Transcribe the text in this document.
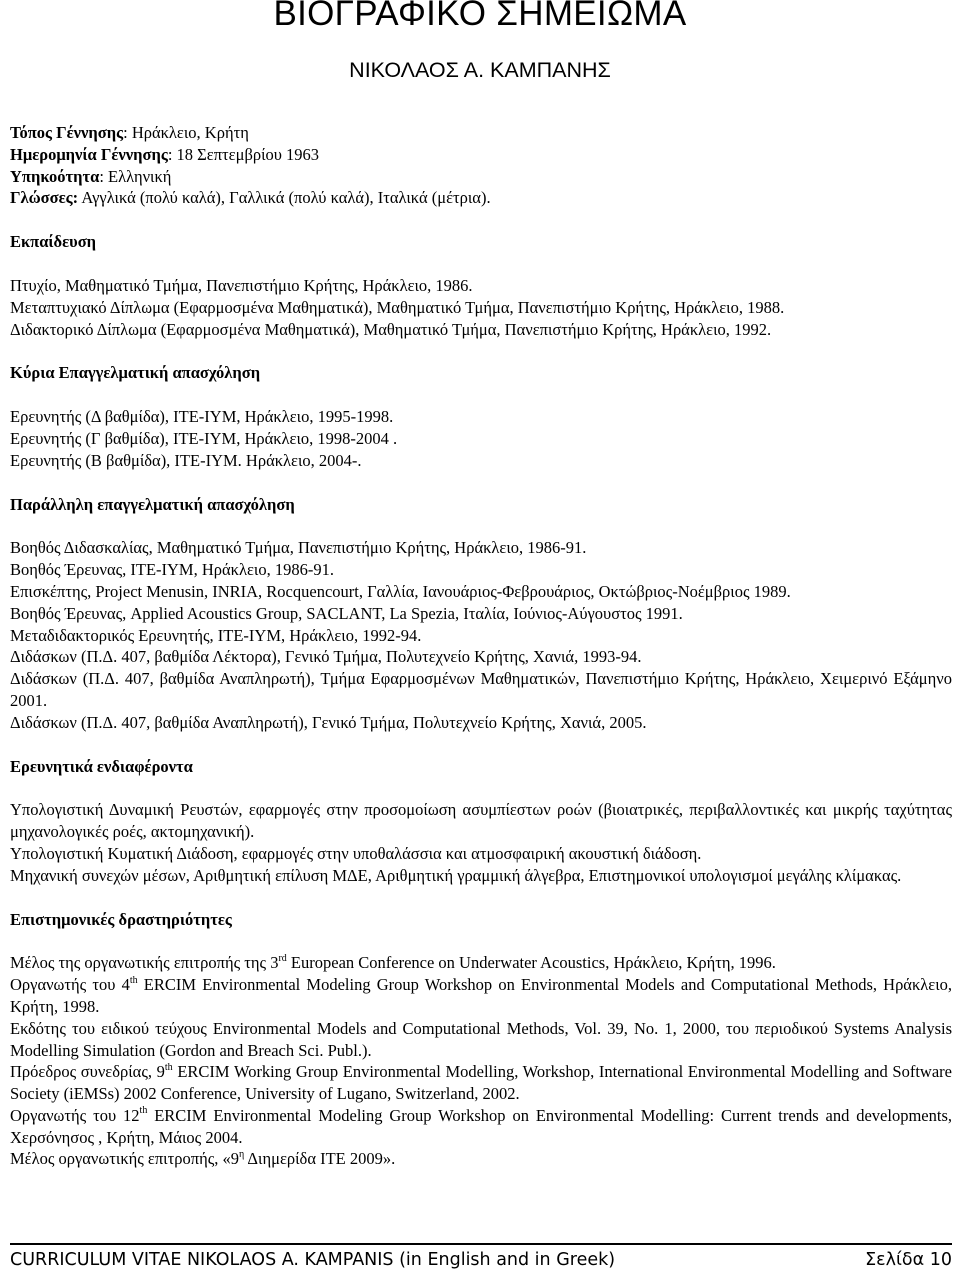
ΒΙΟΓΡΑΦΙΚΟ ΣΗΜΕΙΩΜΑ
ΝΙΚΟΛΑΟΣ Α. ΚΑΜΠΑΝΗΣ
Τόπος Γέννησης: Ηράκλειο, Κρήτη
Ημερομηνία Γέννησης: 18 Σεπτεμβρίου 1963
Υπηκοότητα: Ελληνική
Γλώσσες: Αγγλικά (πολύ καλά), Γαλλικά (πολύ καλά), Ιταλικά (μέτρια).
Εκπαίδευση
Πτυχίο, Μαθηματικό Τμήμα, Πανεπιστήμιο Κρήτης, Ηράκλειο, 1986.
Μεταπτυχιακό Δίπλωμα (Εφαρμοσμένα Μαθηματικά), Μαθηματικό Τμήμα, Πανεπιστήμιο Κρήτης, Ηράκλειο, 1988.
Διδακτορικό Δίπλωμα (Εφαρμοσμένα Μαθηματικά), Μαθηματικό Τμήμα, Πανεπιστήμιο Κρήτης, Ηράκλειο, 1992.
Κύρια Επαγγελματική απασχόληση
Ερευνητής (Δ βαθμίδα), ΙΤΕ-ΙΥΜ, Ηράκλειο, 1995-1998.
Ερευνητής (Γ βαθμίδα), ΙΤΕ-ΙΥΜ, Ηράκλειο, 1998-2004 .
Ερευνητής (Β βαθμίδα), ΙΤΕ-ΙΥΜ. Ηράκλειο, 2004-.
Παράλληλη επαγγελματική απασχόληση
Βοηθός Διδασκαλίας, Μαθηματικό Τμήμα, Πανεπιστήμιο Κρήτης, Ηράκλειο, 1986-91.
Βοηθός Έρευνας, ΙΤΕ-ΙΥΜ, Ηράκλειο, 1986-91.
Επισκέπτης, Project Menusin, INRIA, Rocquencourt, Γαλλία, Ιανουάριος-Φεβρουάριος, Οκτώβριος-Νοέμβριος 1989.
Βοηθός Έρευνας, Applied Acoustics Group, SACLANT, La Spezia, Ιταλία, Ιούνιος-Αύγουστος 1991.
Μεταδιδακτορικός Ερευνητής, ΙΤΕ-ΙΥΜ, Ηράκλειο, 1992-94.
Διδάσκων (Π.Δ. 407, βαθμίδα Λέκτορα), Γενικό Τμήμα, Πολυτεχνείο Κρήτης, Χανιά, 1993-94.
Διδάσκων (Π.Δ. 407, βαθμίδα Αναπληρωτή), Τμήμα Εφαρμοσμένων Μαθηματικών, Πανεπιστήμιο Κρήτης, Ηράκλειο, Χειμερινό Εξάμηνο 2001.
Διδάσκων (Π.Δ. 407, βαθμίδα Αναπληρωτή), Γενικό Τμήμα, Πολυτεχνείο Κρήτης, Χανιά, 2005.
Ερευνητικά ενδιαφέροντα
Υπολογιστική Δυναμική Ρευστών, εφαρμογές στην προσομοίωση ασυμπίεστων ροών (βιοιατρικές, περιβαλλοντικές και μικρής ταχύτητας μηχανολογικές ροές, ακτομηχανική).
Υπολογιστική Κυματική Διάδοση, εφαρμογές στην υποθαλάσσια και ατμοσφαιρική ακουστική διάδοση.
Μηχανική συνεχών μέσων, Αριθμητική επίλυση ΜΔΕ, Αριθμητική γραμμική άλγεβρα, Επιστημονικοί υπολογισμοί μεγάλης κλίμακας.
Επιστημονικές δραστηριότητες
Μέλος της οργανωτικής επιτροπής της 3rd European Conference on Underwater Acoustics, Ηράκλειο, Κρήτη, 1996.
Οργανωτής του 4th ERCIM Environmental Modeling Group Workshop on Environmental Models and Computational Methods, Ηράκλειο, Κρήτη, 1998.
Εκδότης του ειδικού τεύχους Environmental Models and Computational Methods, Vol. 39, No. 1, 2000, του περιοδικού Systems Analysis Modelling Simulation (Gordon and Breach Sci. Publ.).
Πρόεδρος συνεδρίας, 9th ERCIM Working Group Environmental Modelling, Workshop, International Environmental Modelling and Software Society (iEMSs) 2002 Conference, University of Lugano, Switzerland, 2002.
Οργανωτής του 12th ERCIM Environmental Modeling Group Workshop on Environmental Modelling: Current trends and developments, Χερσόνησος , Κρήτη, Μάιος 2004.
Μέλος οργανωτικής επιτροπής, «$9^\eta$ Διημερίδα ΙΤΕ 2009».
CURRICULUM VITAE NIKOLAOS A. KAMPANIS (in English and in Greek)	Σελίδα 10
